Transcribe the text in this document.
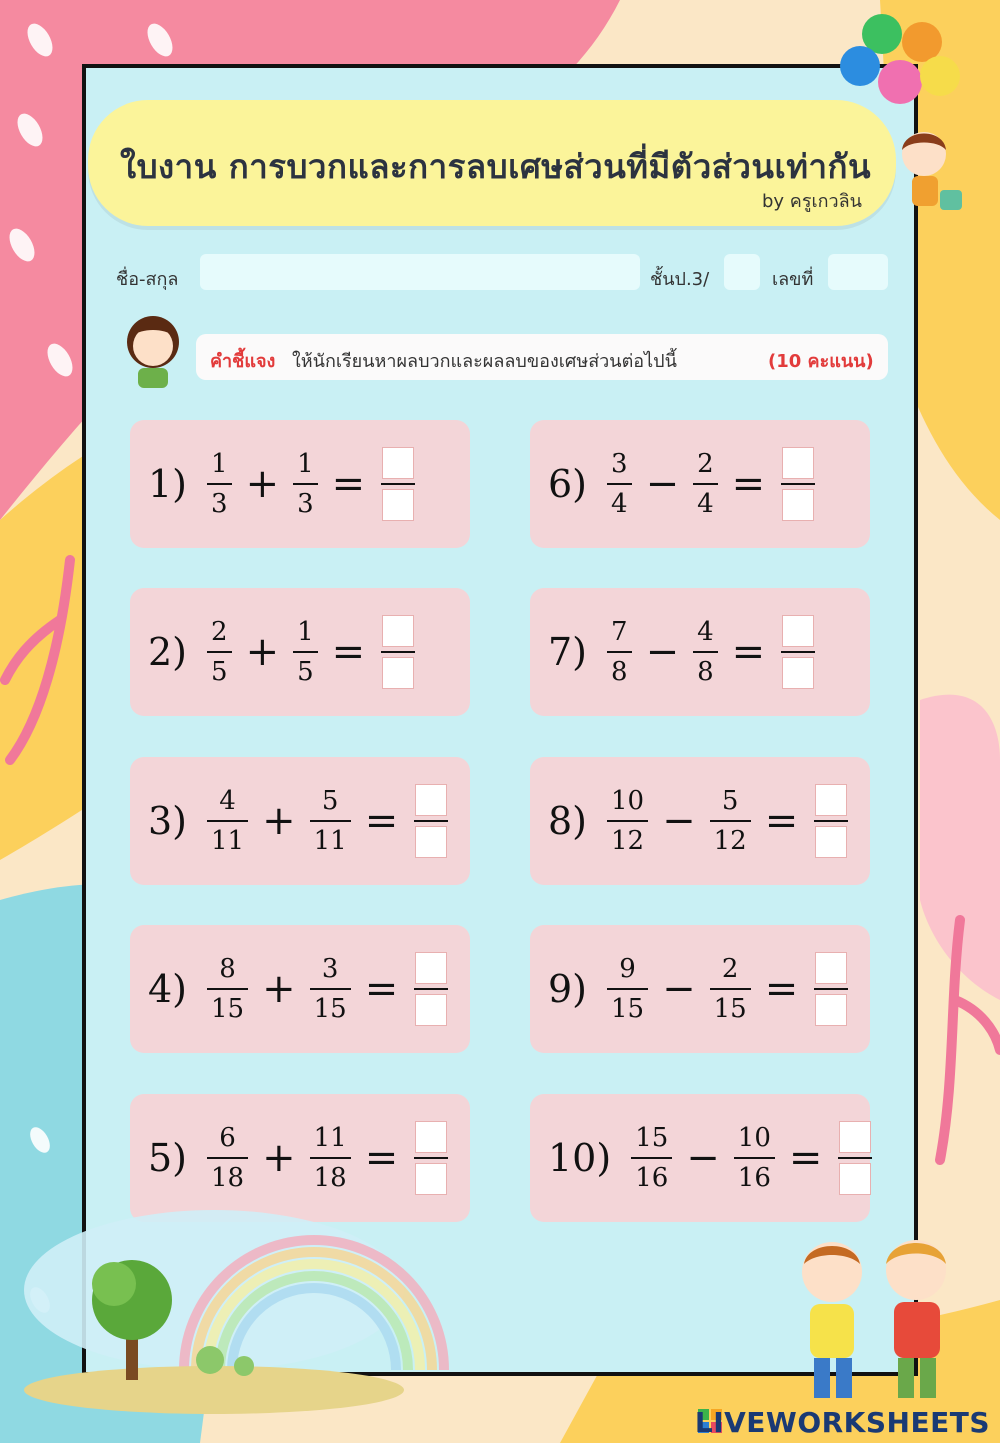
ใบงาน การบวกและการลบเศษส่วนที่มีตัวส่วนเท่ากัน
by ครูเกวลิน
ชื่อ-สกุล	ชั้นป.3/	เลขที่
คำชี้แจง ให้นักเรียนหาผลบวกและผลลบของเศษส่วนต่อไปนี้	(10 คะแนน)
$1) \frac{1}{3} + \frac{1}{3}$ =
$2) \frac{2}{5} + \frac{1}{5}$ =
$3) \frac{4}{11} + \frac{5}{11}$ =
$4) \frac{8}{15} + \frac{3}{15}$ =
$5) \frac{6}{18} + \frac{11}{18}$ =
$6) \frac{3}{4} - \frac{2}{4}$ =
$7) \frac{7}{8} - \frac{4}{8}$ =
$8) \frac{10}{12} - \frac{5}{12}$ =
$9) \frac{9}{15} - \frac{2}{15}$ =
$10) \frac{15}{16} - \frac{10}{16}$ =
LIVEWORKSHEETS
